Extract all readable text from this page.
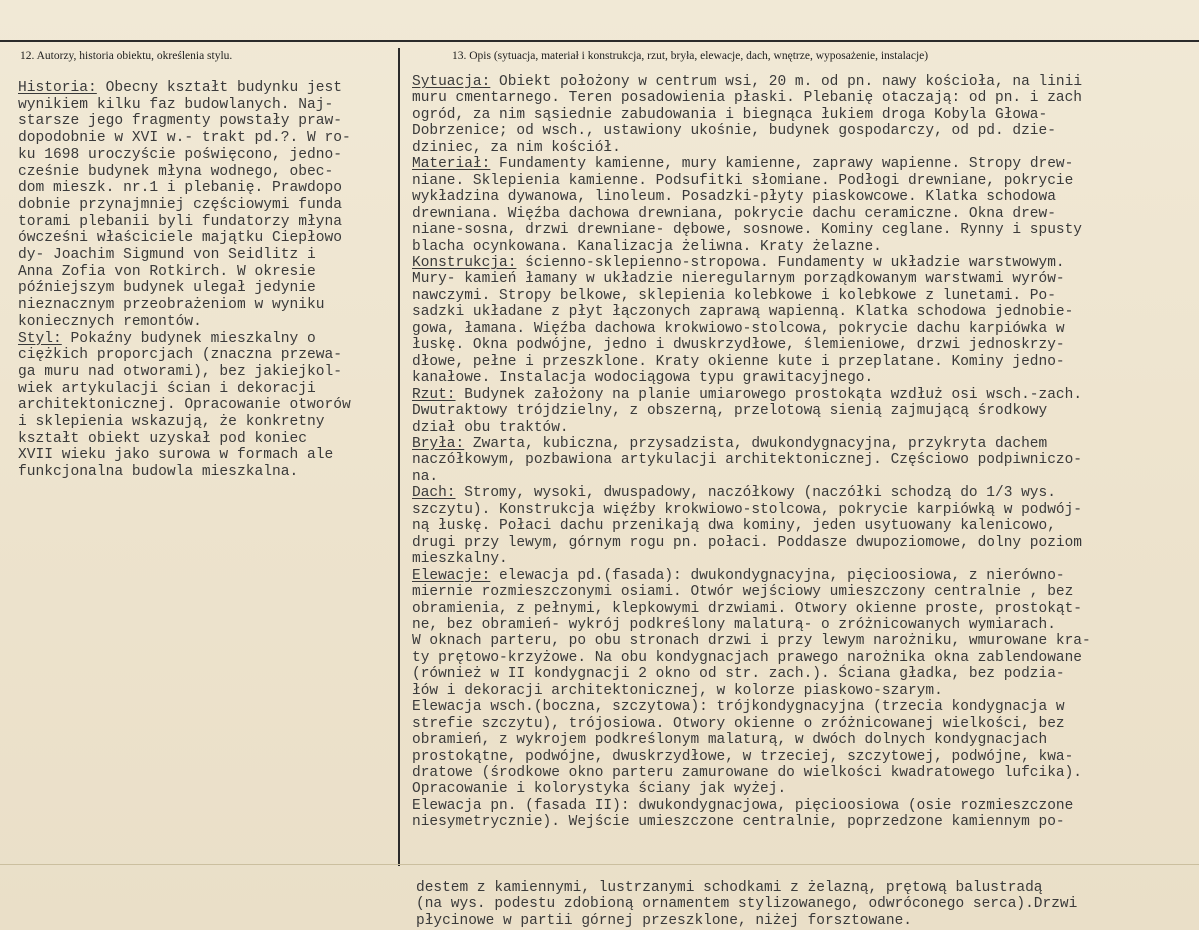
12. Autorzy, historia obiektu, określenia stylu.	13. Opis (sytuacja, materiał i konstrukcja, rzut, bryła, elewacje, dach, wnętrze, wyposażenie, instalacje)
Historia: Obecny kształt budynku jest
wynikiem kilku faz budowlanych. Naj-
starsze jego fragmenty powstały praw-
dopodobnie w XVI w.- trakt pd.?. W ro-
ku 1698 uroczyście poświęcono, jedno-
cześnie budynek młyna wodnego, obec-
dom mieszk. nr.1 i plebanię. Prawdopo
dobnie przynajmniej częściowymi funda
torami plebanii byli fundatorzy młyna
ówcześni właściciele majątku Ciepłowo
dy- Joachim Sigmund von Seidlitz i
Anna Zofia von Rotkirch. W okresie
późniejszym budynek ulegał jedynie
nieznacznym przeobrażeniom w wyniku
koniecznych remontów.
Styl: Pokaźny budynek mieszkalny o
ciężkich proporcjach (znaczna przewa-
ga muru nad otworami), bez jakiejkol-
wiek artykulacji ścian i dekoracji
architektonicznej. Opracowanie otworów
i sklepienia wskazują, że konkretny
kształt obiekt uzyskał pod koniec
XVII wieku jako surowa w formach ale
funkcjonalna budowla mieszkalna.
Sytuacja: Obiekt położony w centrum wsi, 20 m. od pn. nawy kościoła, na linii
muru cmentarnego. Teren posadowienia płaski. Plebanię otaczają: od pn. i zach
ogród, za nim sąsiednie zabudowania i biegnąca łukiem droga Kobyla Głowa-
Dobrzenice; od wsch., ustawiony ukośnie, budynek gospodarczy, od pd. dzie-
dziniec, za nim kościół.
Materiał: Fundamenty kamienne, mury kamienne, zaprawy wapienne. Stropy drew-
niane. Sklepienia kamienne. Podsufitki słomiane. Podłogi drewniane, pokrycie
wykładzina dywanowa, linoleum. Posadzki-płyty piaskowcowe. Klatka schodowa
drewniana. Więźba dachowa drewniana, pokrycie dachu ceramiczne. Okna drew-
niane-sosna, drzwi drewniane- dębowe, sosnowe. Kominy ceglane. Rynny i spusty
blacha ocynkowana. Kanalizacja żeliwna. Kraty żelazne.
Konstrukcja: ścienno-sklepienno-stropowa. Fundamenty w układzie warstwowym.
Mury- kamień łamany w układzie nieregularnym porządkowanym warstwami wyrów-
nawczymi. Stropy belkowe, sklepienia kolebkowe i kolebkowe z lunetami. Po-
sadzki układane z płyt łączonych zaprawą wapienną. Klatka schodowa jednobie-
gowa, łamana. Więźba dachowa krokwiowo-stolcowa, pokrycie dachu karpiówka w
łuskę. Okna podwójne, jedno i dwuskrzydłowe, ślemieniowe, drzwi jednoskrzy-
dłowe, pełne i przeszklone. Kraty okienne kute i przeplatane. Kominy jedno-
kanałowe. Instalacja wodociągowa typu grawitacyjnego.
Rzut: Budynek założony na planie umiarowego prostokąta wzdłuż osi wsch.-zach.
Dwutraktowy trójdzielny, z obszerną, przelotową sienią zajmującą środkowy
dział obu traktów.
Bryła: Zwarta, kubiczna, przysadzista, dwukondygnacyjna, przykryta dachem
naczółkowym, pozbawiona artykulacji architektonicznej. Częściowo podpiwniczo-
na.
Dach: Stromy, wysoki, dwuspadowy, naczółkowy (naczółki schodzą do 1/3 wys.
szczytu). Konstrukcja więźby krokwiowo-stolcowa, pokrycie karpiówką w podwój-
ną łuskę. Połaci dachu przenikają dwa kominy, jeden usytuowany kalenicowo,
drugi przy lewym, górnym rogu pn. połaci. Poddasze dwupoziomowe, dolny poziom
mieszkalny.
Elewacje: elewacja pd.(fasada): dwukondygnacyjna, pięcioosiowa, z nierówno-
miernie rozmieszczonymi osiami. Otwór wejściowy umieszczony centralnie , bez
obramienia, z pełnymi, klepkowymi drzwiami. Otwory okienne proste, prostokąt-
ne, bez obramień- wykrój podkreślony malaturą- o zróżnicowanych wymiarach.
W oknach parteru, po obu stronach drzwi i przy lewym narożniku, wmurowane kra-
ty prętowo-krzyżowe. Na obu kondygnacjach prawego narożnika okna zablendowane
(również w II kondygnacji 2 okno od str. zach.). Ściana gładka, bez podzia-
łów i dekoracji architektonicznej, w kolorze piaskowo-szarym.
Elewacja wsch.(boczna, szczytowa): trójkondygnacyjna (trzecia kondygnacja w
strefie szczytu), trójosiowa. Otwory okienne o zróżnicowanej wielkości, bez
obramień, z wykrojem podkreślonym malaturą, w dwóch dolnych kondygnacjach
prostokątne, podwójne, dwuskrzydłowe, w trzeciej, szczytowej, podwójne, kwa-
dratowe (środkowe okno parteru zamurowane do wielkości kwadratowego lufcika).
Opracowanie i kolorystyka ściany jak wyżej.
Elewacja pn. (fasada II): dwukondygnacjowa, pięcioosiowa (osie rozmieszczone
niesymetrycznie). Wejście umieszczone centralnie, poprzedzone kamiennym po-
destem z kamiennymi, lustrzanymi schodkami z żelazną, prętową balustradą
(na wys. podestu zdobioną ornamentem stylizowanego, odwróconego serca).Drzwi
płycinowe w partii górnej przeszklone, niżej forsztowane.
